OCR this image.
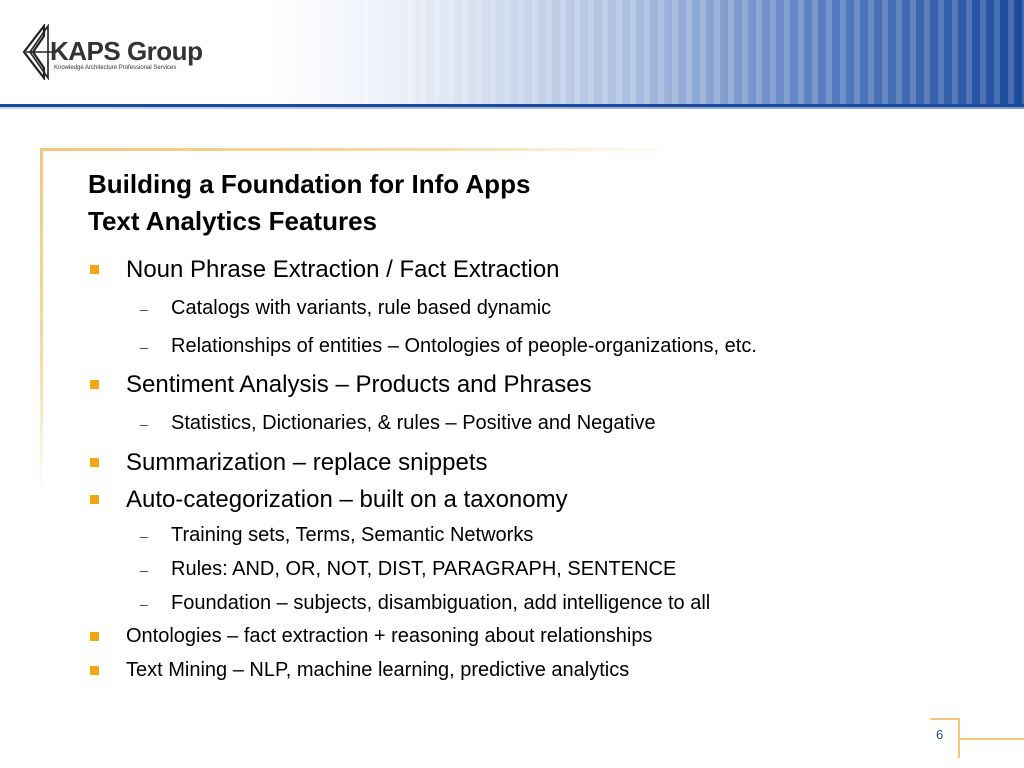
KAPS Group
Knowledge Architecture Professional Services
Building a Foundation for Info Apps
Text Analytics Features
Noun Phrase Extraction / Fact Extraction
– Catalogs with variants, rule based dynamic
– Relationships of entities – Ontologies of people-organizations, etc.
Sentiment Analysis – Products and Phrases
– Statistics, Dictionaries, & rules – Positive and Negative
Summarization – replace snippets
Auto-categorization – built on a taxonomy
– Training sets, Terms, Semantic Networks
– Rules: AND, OR, NOT, DIST, PARAGRAPH, SENTENCE
– Foundation – subjects, disambiguation, add intelligence to all
Ontologies – fact extraction + reasoning about relationships
Text Mining – NLP, machine learning, predictive analytics
6
